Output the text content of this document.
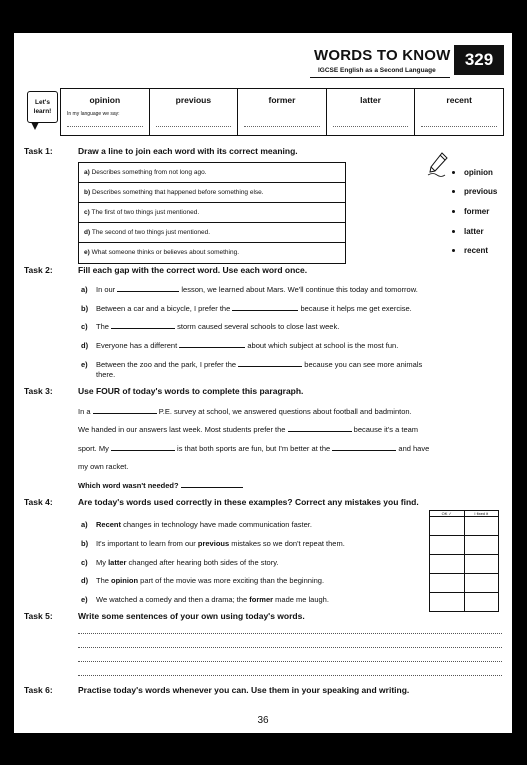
WORDS TO KNOW
IGCSE English as a Second Language
329
Let's
learn!
opinion
In my language we say:
previous	former	latter	recent
Task 1:	Draw a line to join each word with its correct meaning.
a) Describes something from not long ago.
b) Describes something that happened before something else.
c) The first of two things just mentioned.
d) The second of two things just mentioned.
e) What someone thinks or believes about something.
opinion
previous
former
latter
recent
Task 2:	Fill each gap with the correct word. Use each word once.
a) In our	lesson, we learned about Mars. We'll continue this today and tomorrow.
b) Between a car and a bicycle, I prefer the	because it helps me get exercise.
c) The	storm caused several schools to close last week.
d) Everyone has a different	about which subject at school is the most fun.
e) Between the zoo and the park, I prefer the	because you can see more animals
there.
Task 3:	Use FOUR of today's words to complete this paragraph.
In a	P.E. survey at school, we answered questions about football and badminton.
We handed in our answers last week. Most students prefer the	because it's a team
sport. My	is that both sports are fun, but I'm better at the	and have
my own racket.
Which word wasn't needed?
Task 4:	Are today's words used correctly in these examples? Correct any mistakes you find.
OK ✓	I fixed it
a) Recent changes in technology have made communication faster.
b) It's important to learn from our previous mistakes so we don't repeat them.
c) My latter changed after hearing both sides of the story.
d) The opinion part of the movie was more exciting than the beginning.
e) We watched a comedy and then a drama; the former made me laugh.
Task 5:	Write some sentences of your own using today's words.
Task 6:	Practise today's words whenever you can. Use them in your speaking and writing.
36
